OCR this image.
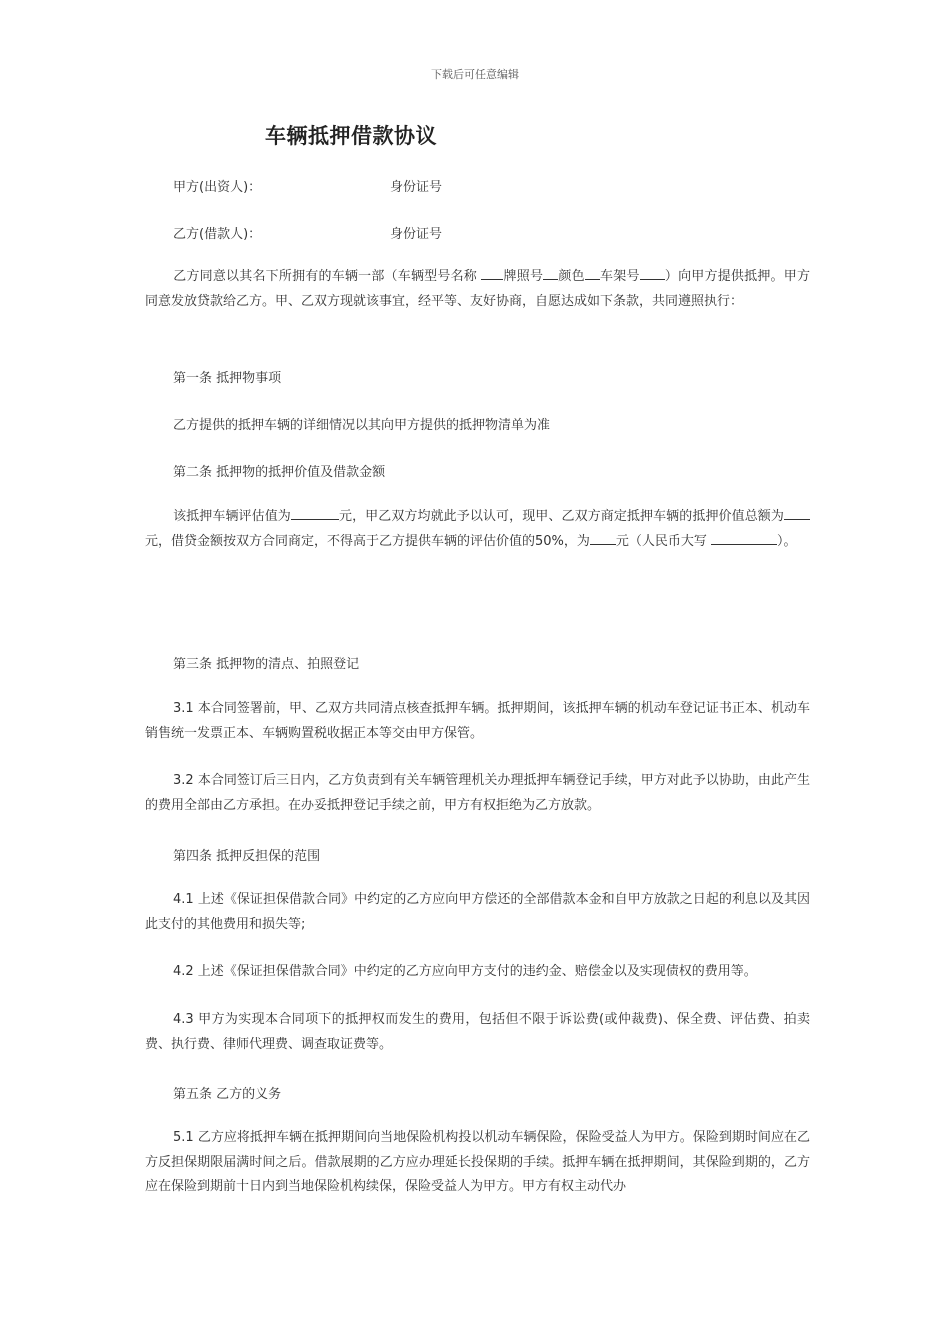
下载后可任意编辑
车辆抵押借款协议
甲方(出资人)：	身份证号
乙方(借款人)：	身份证号
乙方同意以其名下所拥有的车辆一部（车辆型号名称 牌照号 颜色 车架号 ）向甲方提供抵押。甲方同意发放贷款给乙方。甲、乙双方现就该事宜，经平等、友好协商，自愿达成如下条款，共同遵照执行：
第一条 抵押物事项
乙方提供的抵押车辆的详细情况以其向甲方提供的抵押物清单为准
第二条 抵押物的抵押价值及借款金额
该抵押车辆评估值为	元，甲乙双方均就此予以认可，现甲、乙双方商定抵押车辆的抵押价值总额为元，借贷金额按双方合同商定，不得高于乙方提供车辆的评估价值的50%，为 元（人民币大写	）。
第三条 抵押物的清点、拍照登记
3.1 本合同签署前，甲、乙双方共同清点核查抵押车辆。抵押期间，该抵押车辆的机动车登记证书正本、机动车销售统一发票正本、车辆购置税收据正本等交由甲方保管。
3.2 本合同签订后三日内，乙方负责到有关车辆管理机关办理抵押车辆登记手续，甲方对此予以协助，由此产生的费用全部由乙方承担。在办妥抵押登记手续之前，甲方有权拒绝为乙方放款。
第四条 抵押反担保的范围
4.1 上述《保证担保借款合同》中约定的乙方应向甲方偿还的全部借款本金和自甲方放款之日起的利息以及其因此支付的其他费用和损失等;
4.2 上述《保证担保借款合同》中约定的乙方应向甲方支付的违约金、赔偿金以及实现债权的费用等。
4.3 甲方为实现本合同项下的抵押权而发生的费用，包括但不限于诉讼费(或仲裁费)、保全费、评估费、拍卖费、执行费、律师代理费、调查取证费等。
第五条 乙方的义务
5.1 乙方应将抵押车辆在抵押期间向当地保险机构投以机动车辆保险，保险受益人为甲方。保险到期时间应在乙方反担保期限届满时间之后。借款展期的乙方应办理延长投保期的手续。抵押车辆在抵押期间，其保险到期的，乙方应在保险到期前十日内到当地保险机构续保，保险受益人为甲方。甲方有权主动代办
